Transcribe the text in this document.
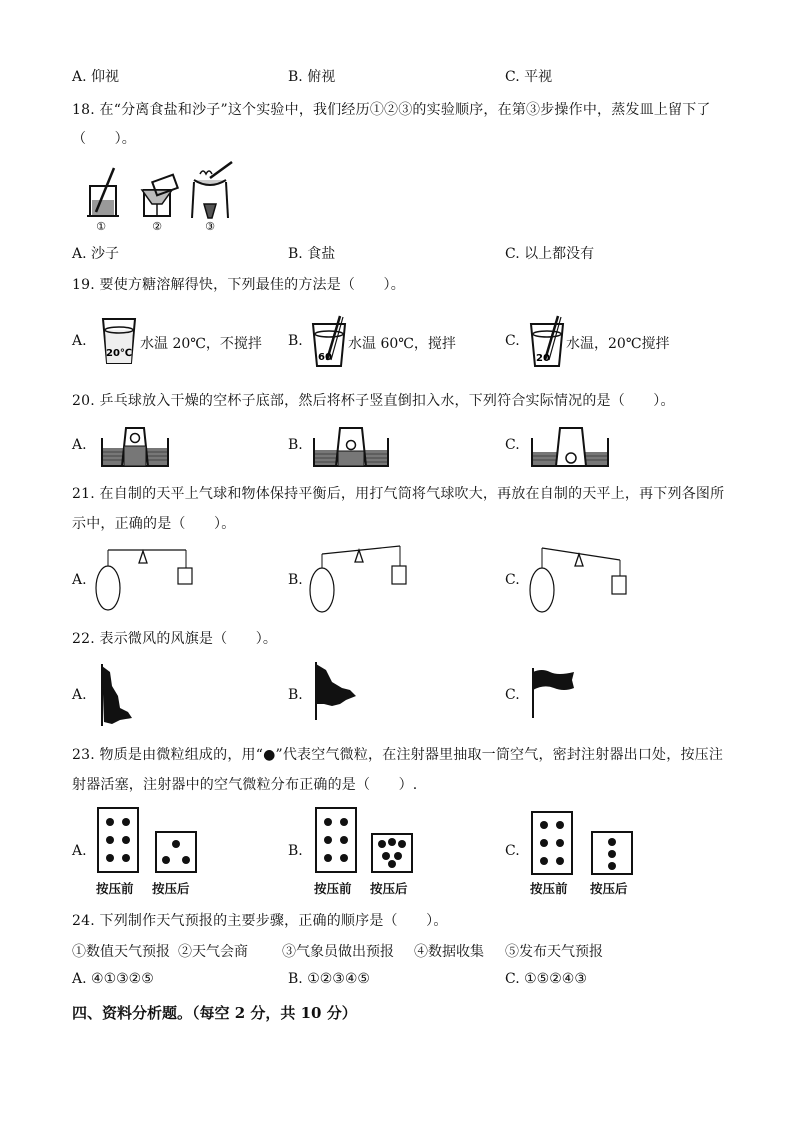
A. 仰视	B. 俯视	C. 平视
18. 在“分离食盐和沙子”这个实验中，我们经历①②③的实验顺序，在第③步操作中，蒸发皿上留下了
（　　）。
①	②	③
A. 沙子	B. 食盐	C. 以上都没有
19. 要使方糖溶解得快，下列最佳的方法是（　　）。
A.
20℃
水温 20℃，不搅拌 B.
60
水温 60℃，搅拌	C.
20
水温，20℃搅拌
20. 乒乓球放入干燥的空杯子底部，然后将杯子竖直倒扣入水，下列符合实际情况的是（　　）。
A.	B.	C.
21. 在自制的天平上气球和物体保持平衡后，用打气筒将气球吹大，再放在自制的天平上，再下列各图所
示中，正确的是（　　）。
A.	B.	C.
22. 表示微风的风旗是（　　）。
A.	B.	C.
23. 物质是由微粒组成的，用“●”代表空气微粒，在注射器里抽取一筒空气，密封注射器出口处，按压注
射器活塞，注射器中的空气微粒分布正确的是（　　）.
A.
按压前 按压后
B.
按压前 按压后
C.
按压前 按压后
24. 下列制作天气预报的主要步骤，正确的顺序是（　　）。
①数值天气预报 ②天气会商 ③气象员做出预报 ④数据收集 ⑤发布天气预报
A. ④①③②⑤	B. ①②③④⑤	C. ①⑤②④③
四、资料分析题。（每空 2 分，共 10 分）
